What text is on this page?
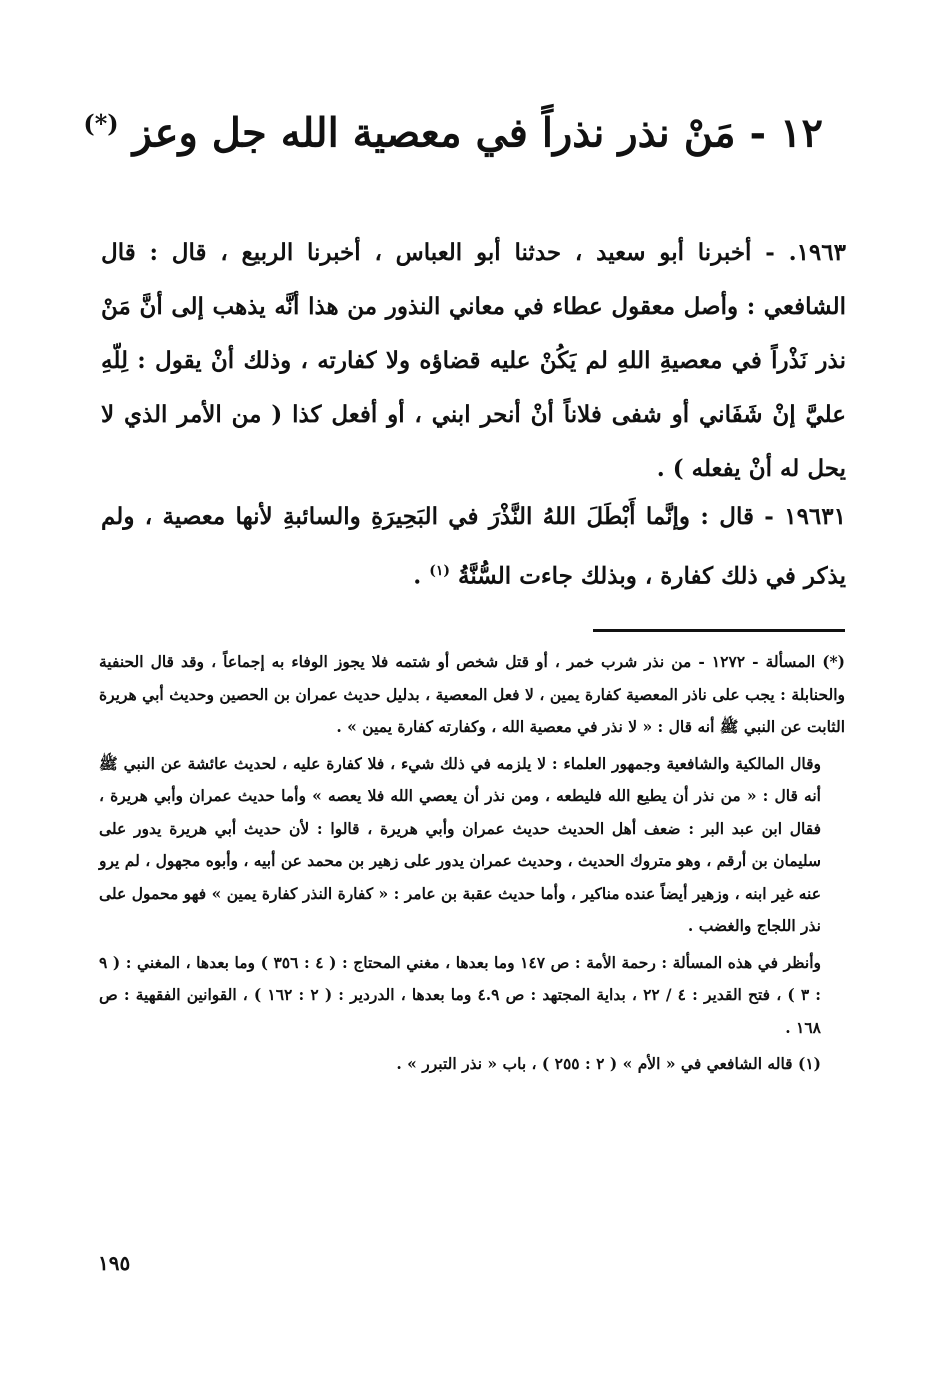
١٢ - مَنْ نذر نذراً في معصية الله جل وعز (*)
١٩٦٣. - أخبرنا أبو سعيد ، حدثنا أبو العباس ، أخبرنا الربيع ، قال : قال الشافعي : وأصل معقول عطاء في معاني النذور من هذا أنَّه يذهب إلى أنَّ مَنْ نذر نَذْراً في معصيةِ اللهِ لم يَكُنْ عليه قضاؤه ولا كفارته ، وذلك أنْ يقول : لِلّهِ عليَّ إنْ شَفَاني أو شفى فلاناً أنْ أنحر ابني ، أو أفعل كذا ( من الأمر الذي لا يحل له أنْ يفعله ) .
١٩٦٣١ - قال : وإنَّما أَبْطَلَ اللهُ النَّذْرَ في البَحِيرَةِ والسائبةِ لأنها معصية ، ولم يذكر في ذلك كفارة ، وبذلك جاءت السُّنَّةُ $^{(١)}$ .

(*) المسألة - ١٢٧٢ - من نذر شرب خمر ، أو قتل شخص أو شتمه فلا يجوز الوفاء به إجماعاً ، وقد قال الحنفية والحنابلة : يجب على ناذر المعصية كفارة يمين ، لا فعل المعصية ، بدليل حديث عمران بن الحصين وحديث أبي هريرة الثابت عن النبي ﷺ أنه قال : « لا نذر في معصية الله ، وكفارته كفارة يمين » .

وقال المالكية والشافعية وجمهور العلماء : لا يلزمه في ذلك شيء ، فلا كفارة عليه ، لحديث عائشة عن النبي ﷺ أنه قال : « من نذر أن يطيع الله فليطعه ، ومن نذر أن يعصي الله فلا يعصه » وأما حديث عمران وأبي هريرة ، فقال ابن عبد البر : ضعف أهل الحديث حديث عمران وأبي هريرة ، قالوا : لأن حديث أبي هريرة يدور على سليمان بن أرقم ، وهو متروك الحديث ، وحديث عمران يدور على زهير بن محمد عن أبيه ، وأبوه مجهول ، لم يرو عنه غير ابنه ، وزهير أيضاً عنده مناكير ، وأما حديث عقبة بن عامر : « كفارة النذر كفارة يمين » فهو محمول على نذر اللجاج والغضب .

وأنظر في هذه المسألة : رحمة الأمة : ص ١٤٧ وما بعدها ، مغني المحتاج : ( ٤ : ٣٥٦ ) وما بعدها ، المغني : ( ٩ : ٣ ) ، فتح القدير : ٤ / ٢٢ ، بداية المجتهد : ص ٤.٩ وما بعدها ، الدردير : ( ٢ : ١٦٢ ) ، القوانين الفقهية : ص ١٦٨ .

(١) قاله الشافعي في « الأم » ( ٢ : ٢٥٥ ) ، باب « نذر التبرر » .

١٩٥
